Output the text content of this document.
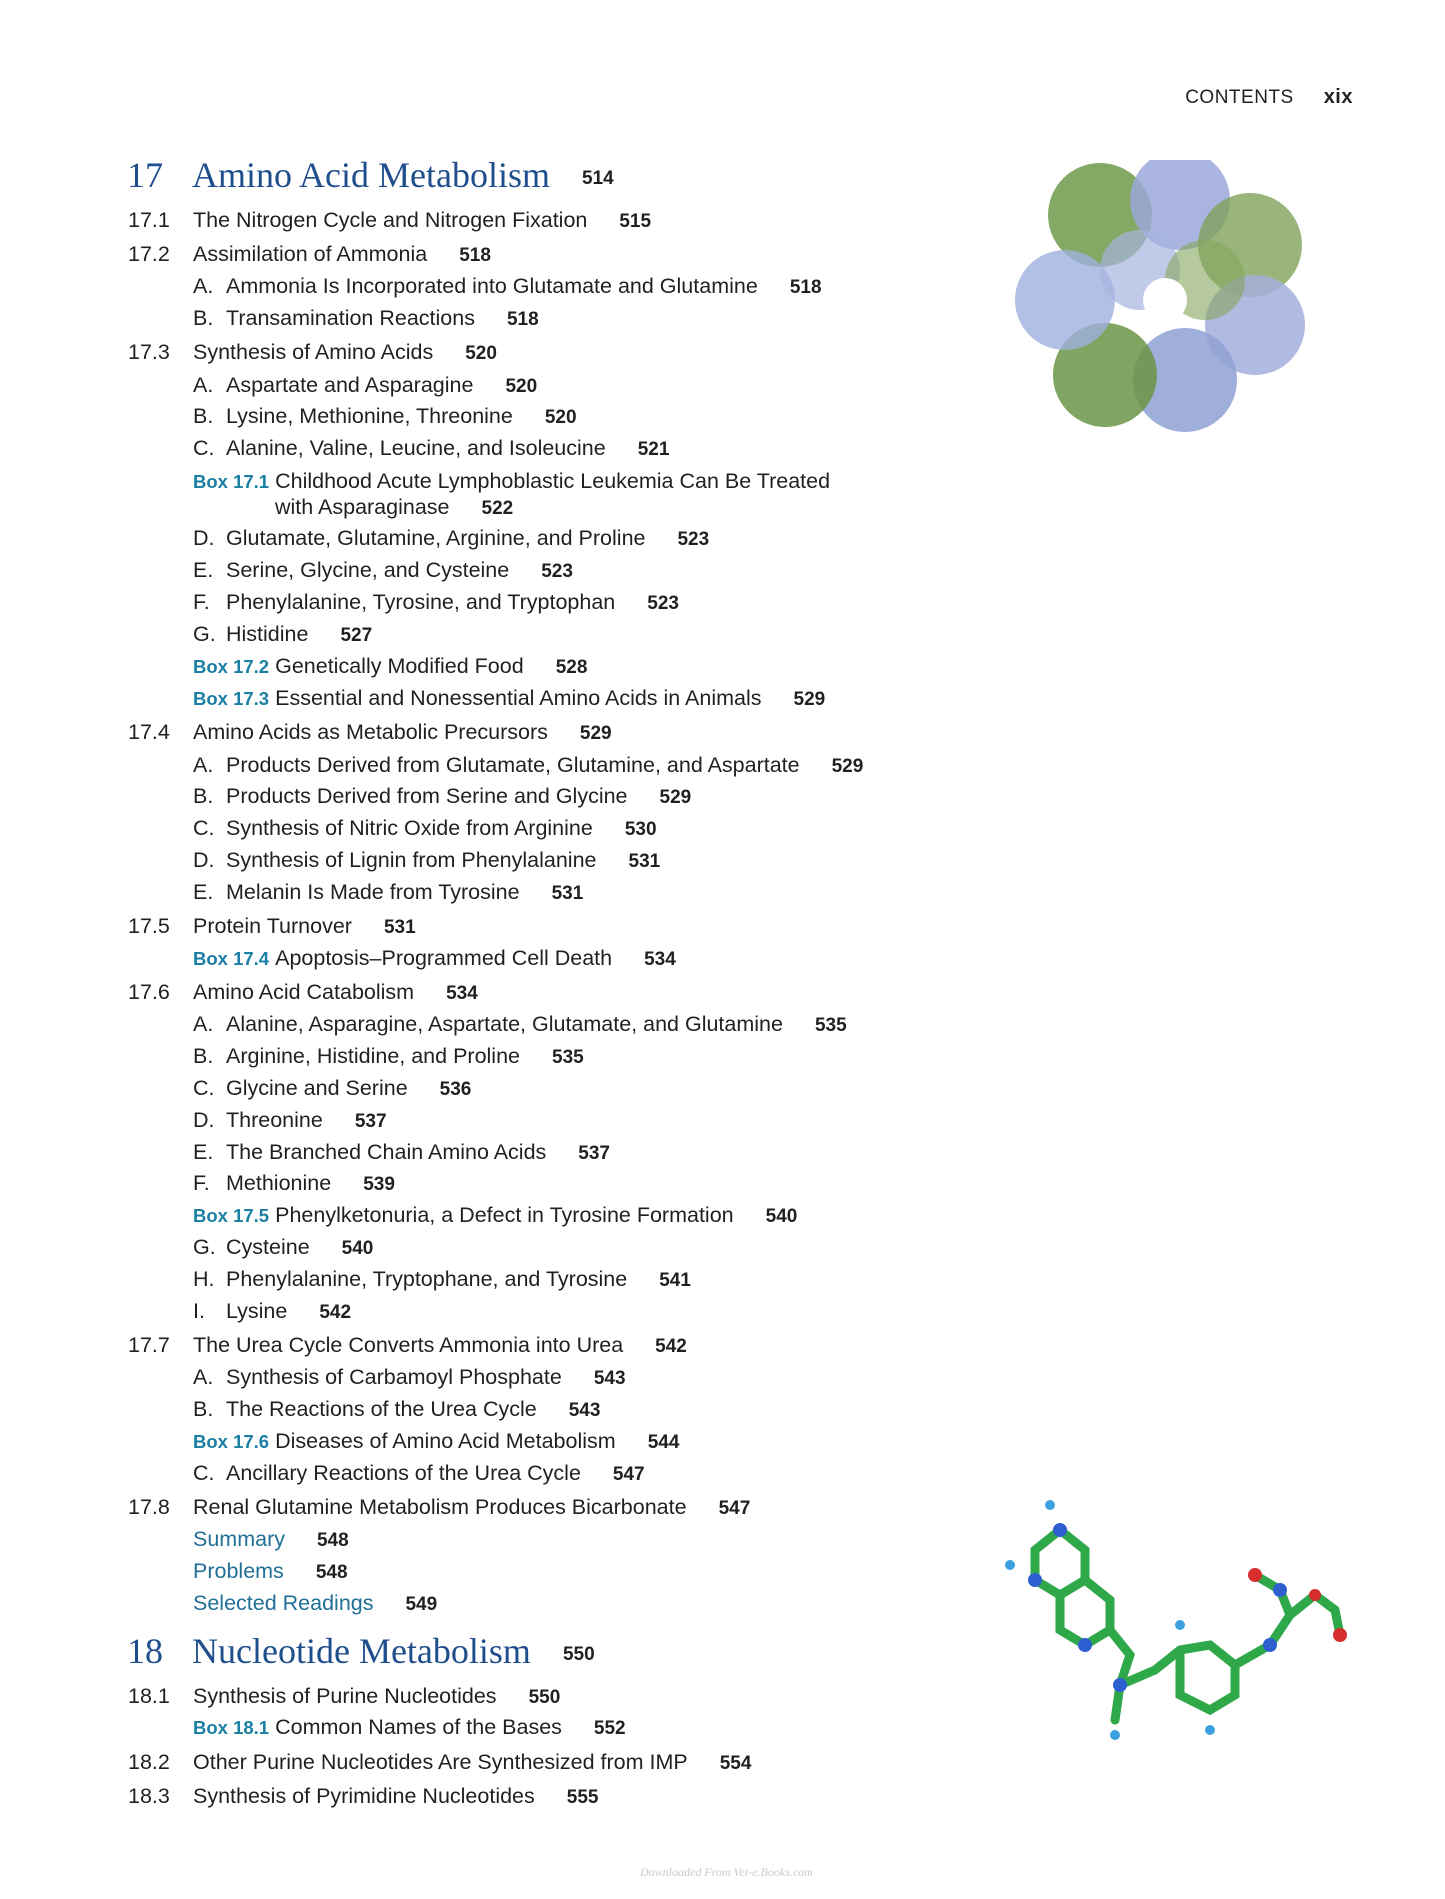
CONTENTS xix
17 Amino Acid Metabolism 514
17.1 The Nitrogen Cycle and Nitrogen Fixation 515
17.2 Assimilation of Ammonia 518
A. Ammonia Is Incorporated into Glutamate and Glutamine 518
B. Transamination Reactions 518
17.3 Synthesis of Amino Acids 520
A. Aspartate and Asparagine 520
B. Lysine, Methionine, Threonine 520
C. Alanine, Valine, Leucine, and Isoleucine 521
Box 17.1 Childhood Acute Lymphoblastic Leukemia Can Be Treated
with Asparaginase 522
D. Glutamate, Glutamine, Arginine, and Proline 523
E. Serine, Glycine, and Cysteine 523
F. Phenylalanine, Tyrosine, and Tryptophan 523
G. Histidine 527
Box 17.2 Genetically Modified Food 528
Box 17.3 Essential and Nonessential Amino Acids in Animals 529
17.4 Amino Acids as Metabolic Precursors 529
A. Products Derived from Glutamate, Glutamine, and Aspartate 529
B. Products Derived from Serine and Glycine 529
C. Synthesis of Nitric Oxide from Arginine 530
D. Synthesis of Lignin from Phenylalanine 531
E. Melanin Is Made from Tyrosine 531
17.5 Protein Turnover 531
Box 17.4 Apoptosis–Programmed Cell Death 534
17.6 Amino Acid Catabolism 534
A. Alanine, Asparagine, Aspartate, Glutamate, and Glutamine 535
B. Arginine, Histidine, and Proline 535
C. Glycine and Serine 536
D. Threonine 537
E. The Branched Chain Amino Acids 537
F. Methionine 539
Box 17.5 Phenylketonuria, a Defect in Tyrosine Formation 540
G. Cysteine 540
H. Phenylalanine, Tryptophane, and Tyrosine 541
I. Lysine 542
17.7 The Urea Cycle Converts Ammonia into Urea 542
A. Synthesis of Carbamoyl Phosphate 543
B. The Reactions of the Urea Cycle 543
Box 17.6 Diseases of Amino Acid Metabolism 544
C. Ancillary Reactions of the Urea Cycle 547
17.8 Renal Glutamine Metabolism Produces Bicarbonate 547
Summary 548
Problems 548
Selected Readings 549
18 Nucleotide Metabolism 550
18.1 Synthesis of Purine Nucleotides 550
Box 18.1 Common Names of the Bases 552
18.2 Other Purine Nucleotides Are Synthesized from IMP 554
18.3 Synthesis of Pyrimidine Nucleotides 555
Downloaded From Vet-e.Books.com
